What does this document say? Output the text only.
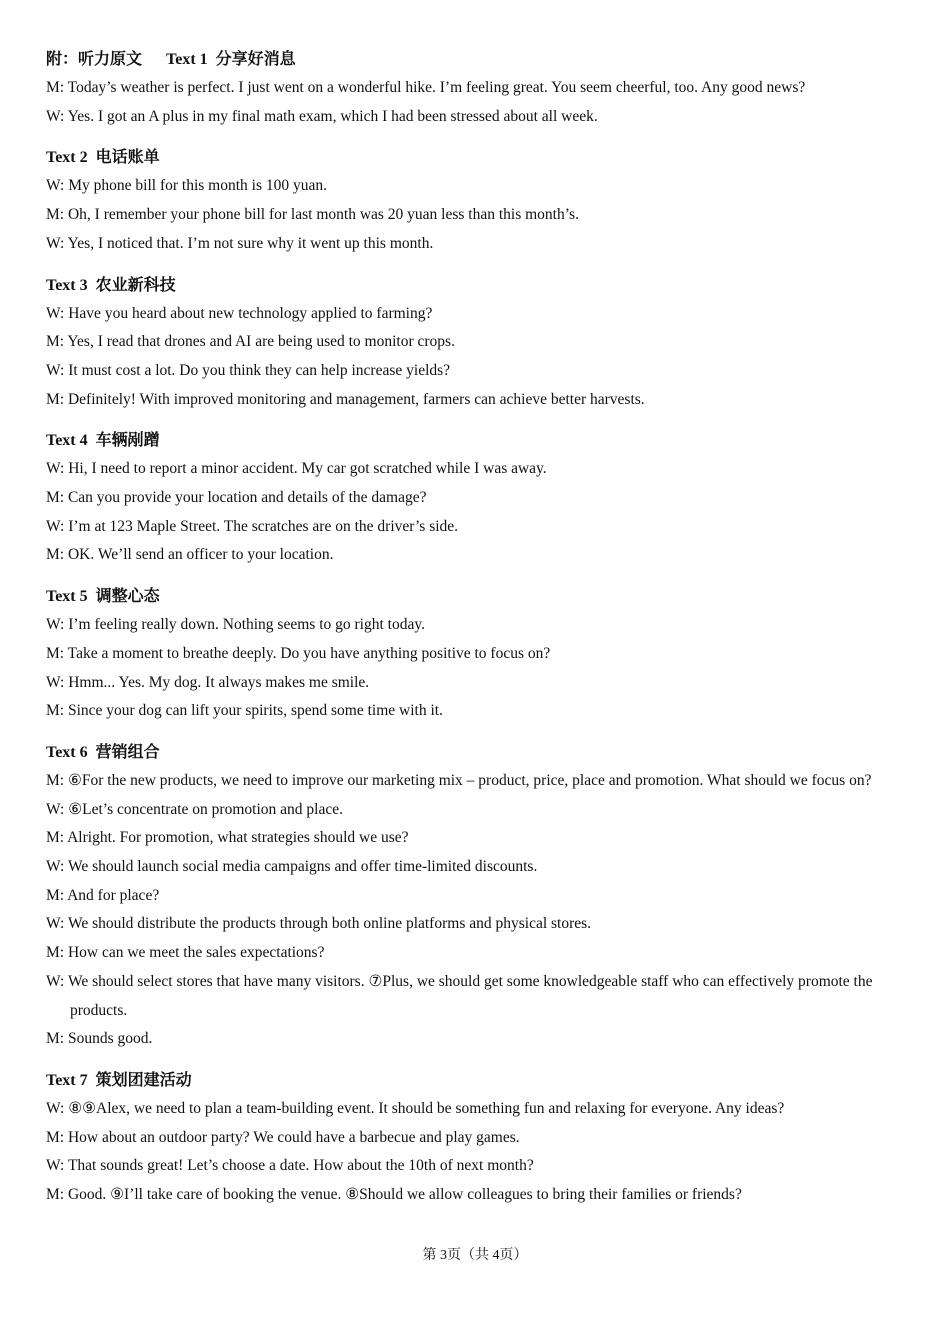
附：听力原文 Text 1 分享好消息
M: Today’s weather is perfect. I just went on a wonderful hike. I’m feeling great. You seem cheerful, too. Any good news?
W: Yes. I got an A plus in my final math exam, which I had been stressed about all week.
Text 2 电话账单
W: My phone bill for this month is 100 yuan.
M: Oh, I remember your phone bill for last month was 20 yuan less than this month’s.
W: Yes, I noticed that. I’m not sure why it went up this month.
Text 3 农业新科技
W: Have you heard about new technology applied to farming?
M: Yes, I read that drones and AI are being used to monitor crops.
W: It must cost a lot. Do you think they can help increase yields?
M: Definitely! With improved monitoring and management, farmers can achieve better harvests.
Text 4 车辆剐蹭
W: Hi, I need to report a minor accident. My car got scratched while I was away.
M: Can you provide your location and details of the damage?
W: I’m at 123 Maple Street. The scratches are on the driver’s side.
M: OK. We’ll send an officer to your location.
Text 5 调整心态
W: I’m feeling really down. Nothing seems to go right today.
M: Take a moment to breathe deeply. Do you have anything positive to focus on?
W: Hmm... Yes. My dog. It always makes me smile.
M: Since your dog can lift your spirits, spend some time with it.
Text 6 营销组合
M: ⑥For the new products, we need to improve our marketing mix – product, price, place and promotion. What should we focus on?
W: ⑥Let’s concentrate on promotion and place.
M: Alright. For promotion, what strategies should we use?
W: We should launch social media campaigns and offer time-limited discounts.
M: And for place?
W: We should distribute the products through both online platforms and physical stores.
M: How can we meet the sales expectations?
W: We should select stores that have many visitors. ⑦Plus, we should get some knowledgeable staff who can effectively promote the products.
M: Sounds good.
Text 7 策划团建活动
W: ⑧⑨Alex, we need to plan a team-building event. It should be something fun and relaxing for everyone. Any ideas?
M: How about an outdoor party? We could have a barbecue and play games.
W: That sounds great! Let’s choose a date. How about the 10th of next month?
M: Good. ⑨I’ll take care of booking the venue. ⑧Should we allow colleagues to bring their families or friends?
第 3页（共 4页）
